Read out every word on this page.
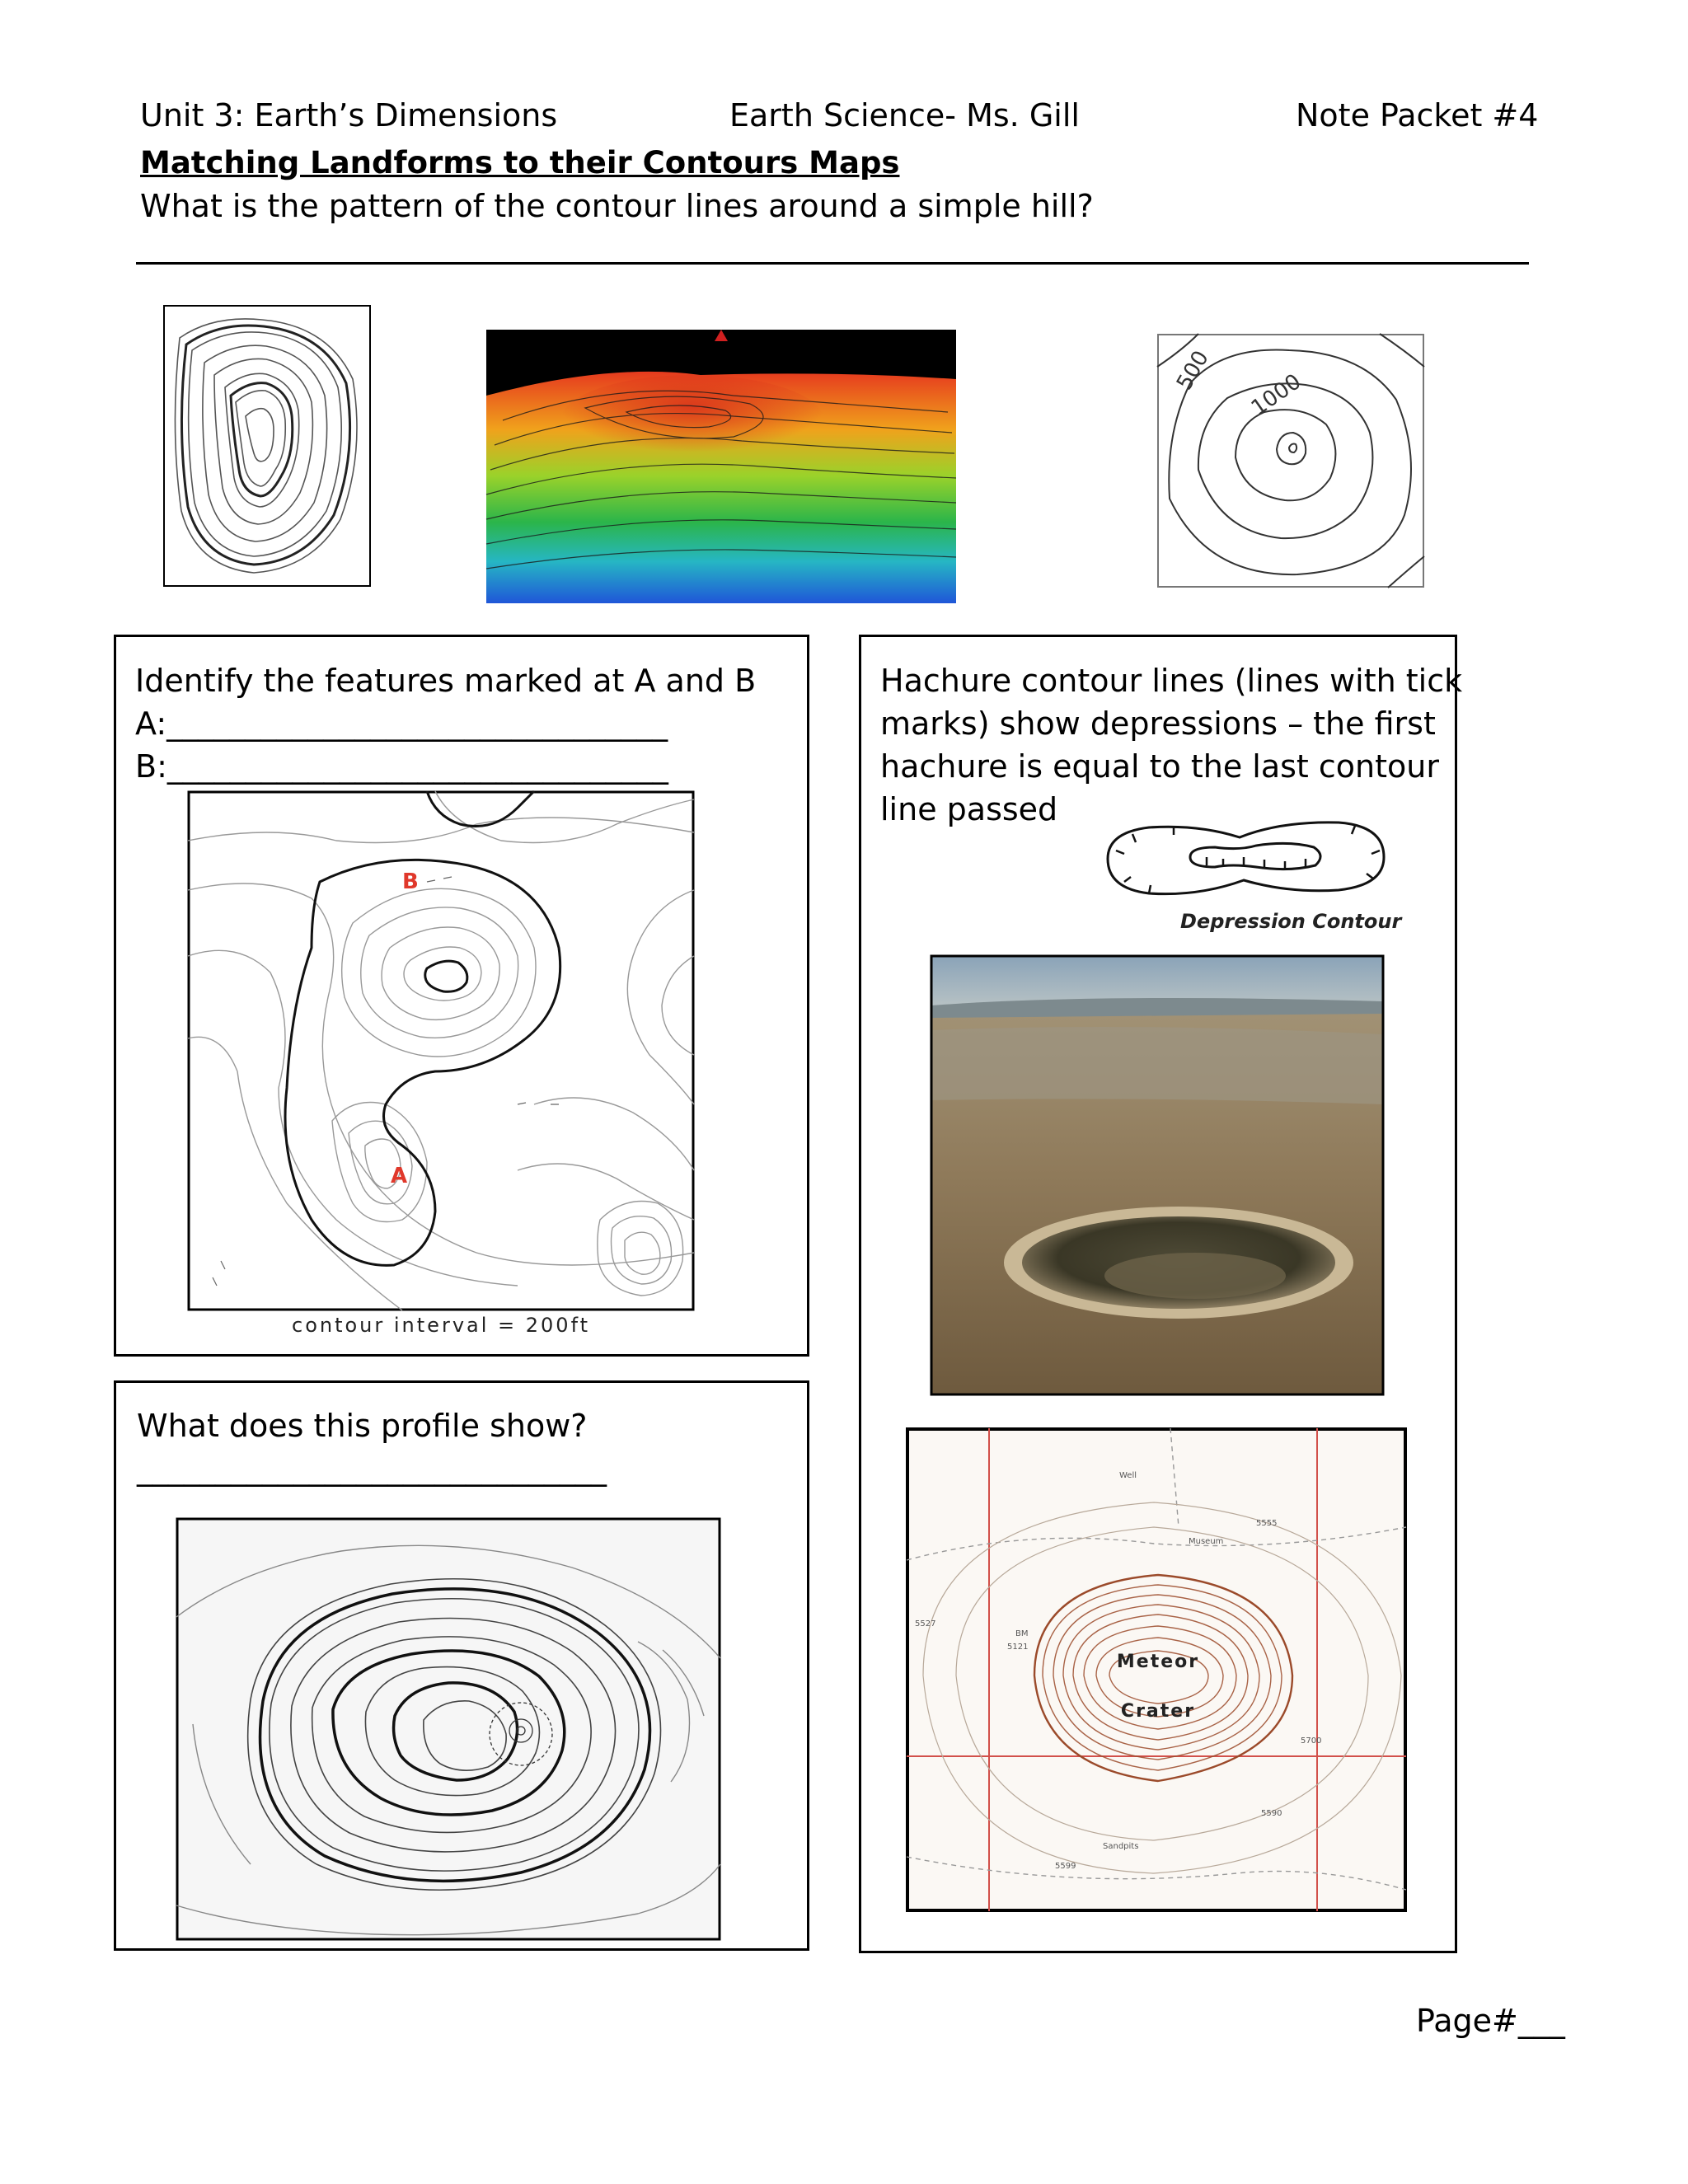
Unit 3: Earth’s Dimensions	Earth Science- Ms. Gill	Note Packet #4
Matching Landforms to their Contours Maps
What is the pattern of the contour lines around a simple hill?
500 1000
Identify the features marked at A and B
A:________________________________
B:________________________________
B
A
contour interval = 200ft
What does this profile show?
______________________________
Hachure contour lines (lines with tick
marks) show depressions – the first
hachure is equal to the last contour
line passed
Depression Contour
Meteor
Crater
Well
Museum
BM
5121
5527
5555
5700
5590
Sandpits
5599
Page#___
